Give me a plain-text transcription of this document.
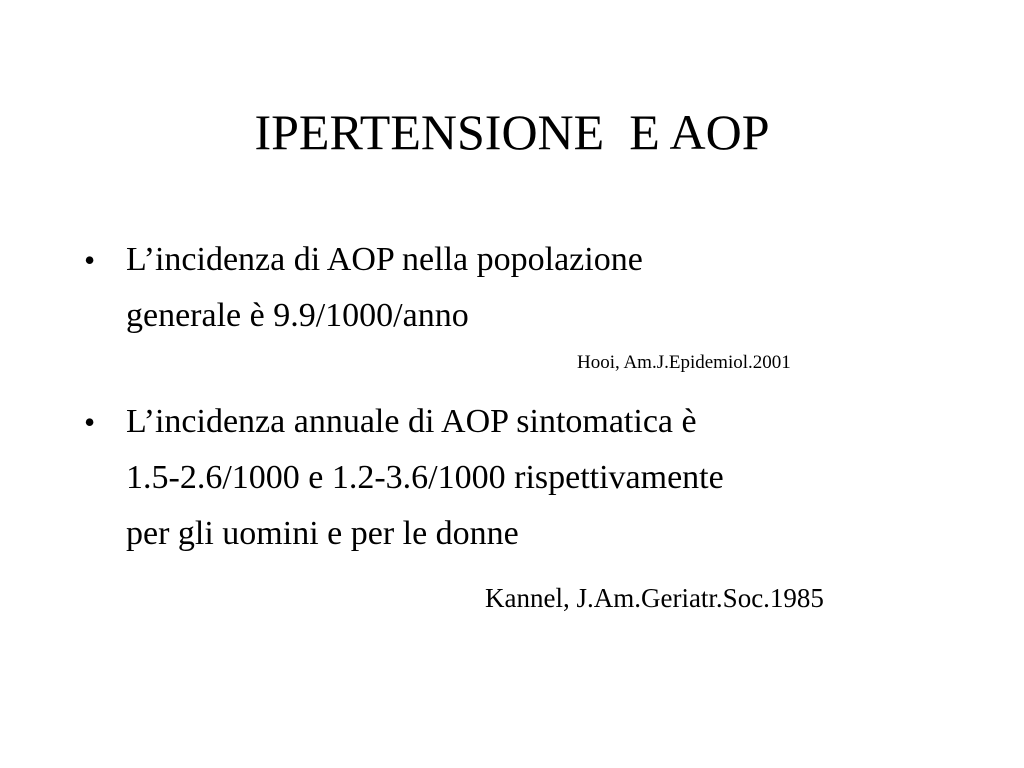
IPERTENSIONE  E AOP
• L’incidenza di AOP nella popolazione
generale è 9.9/1000/anno
Hooi, Am.J.Epidemiol.2001
• L’incidenza annuale di AOP sintomatica è
1.5-2.6/1000 e 1.2-3.6/1000 rispettivamente
per gli uomini e per le donne
Kannel, J.Am.Geriatr.Soc.1985
